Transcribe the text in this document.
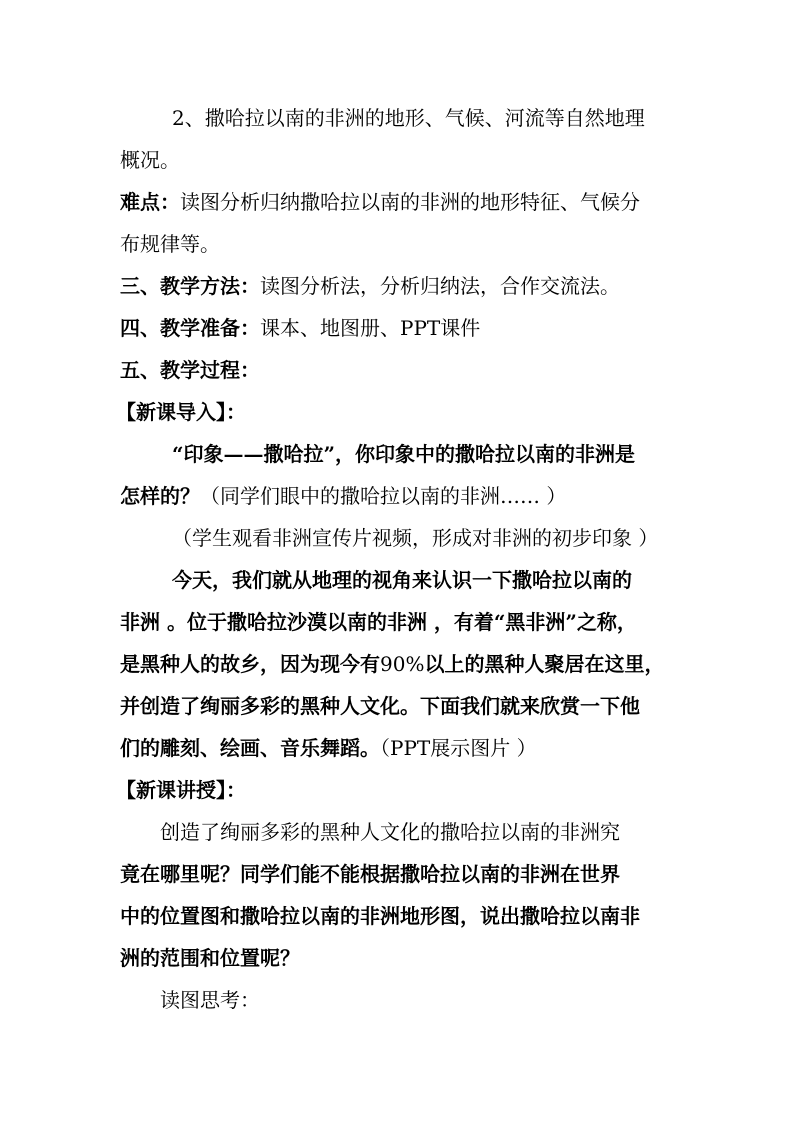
2、撒哈拉以南的非洲的地形、气候、河流等自然地理
概况。
难点：读图分析归纳撒哈拉以南的非洲的地形特征、气候分
布规律等。
三、教学方法：读图分析法，分析归纳法，合作交流法。
四、教学准备：课本、地图册、PPT课件
五、教学过程：
【新课导入】：
“印象——撒哈拉”，你印象中的撒哈拉以南的非洲是
怎样的？（同学们眼中的撒哈拉以南的非洲…… ）
（学生观看非洲宣传片视频，形成对非洲的初步印象 ）
今天，我们就从地理的视角来认识一下撒哈拉以南的
非洲 。位于撒哈拉沙漠以南的非洲 ，有着“黑非洲”之称，
是黑种人的故乡，因为现今有90%以上的黑种人聚居在这里，
并创造了绚丽多彩的黑种人文化。下面我们就来欣赏一下他
们的雕刻、绘画、音乐舞蹈。（PPT展示图片 ）
【新课讲授】：
创造了绚丽多彩的黑种人文化的撒哈拉以南的非洲究
竟在哪里呢？同学们能不能根据撒哈拉以南的非洲在世界
中的位置图和撒哈拉以南的非洲地形图，说出撒哈拉以南非
洲的范围和位置呢？
读图思考：
